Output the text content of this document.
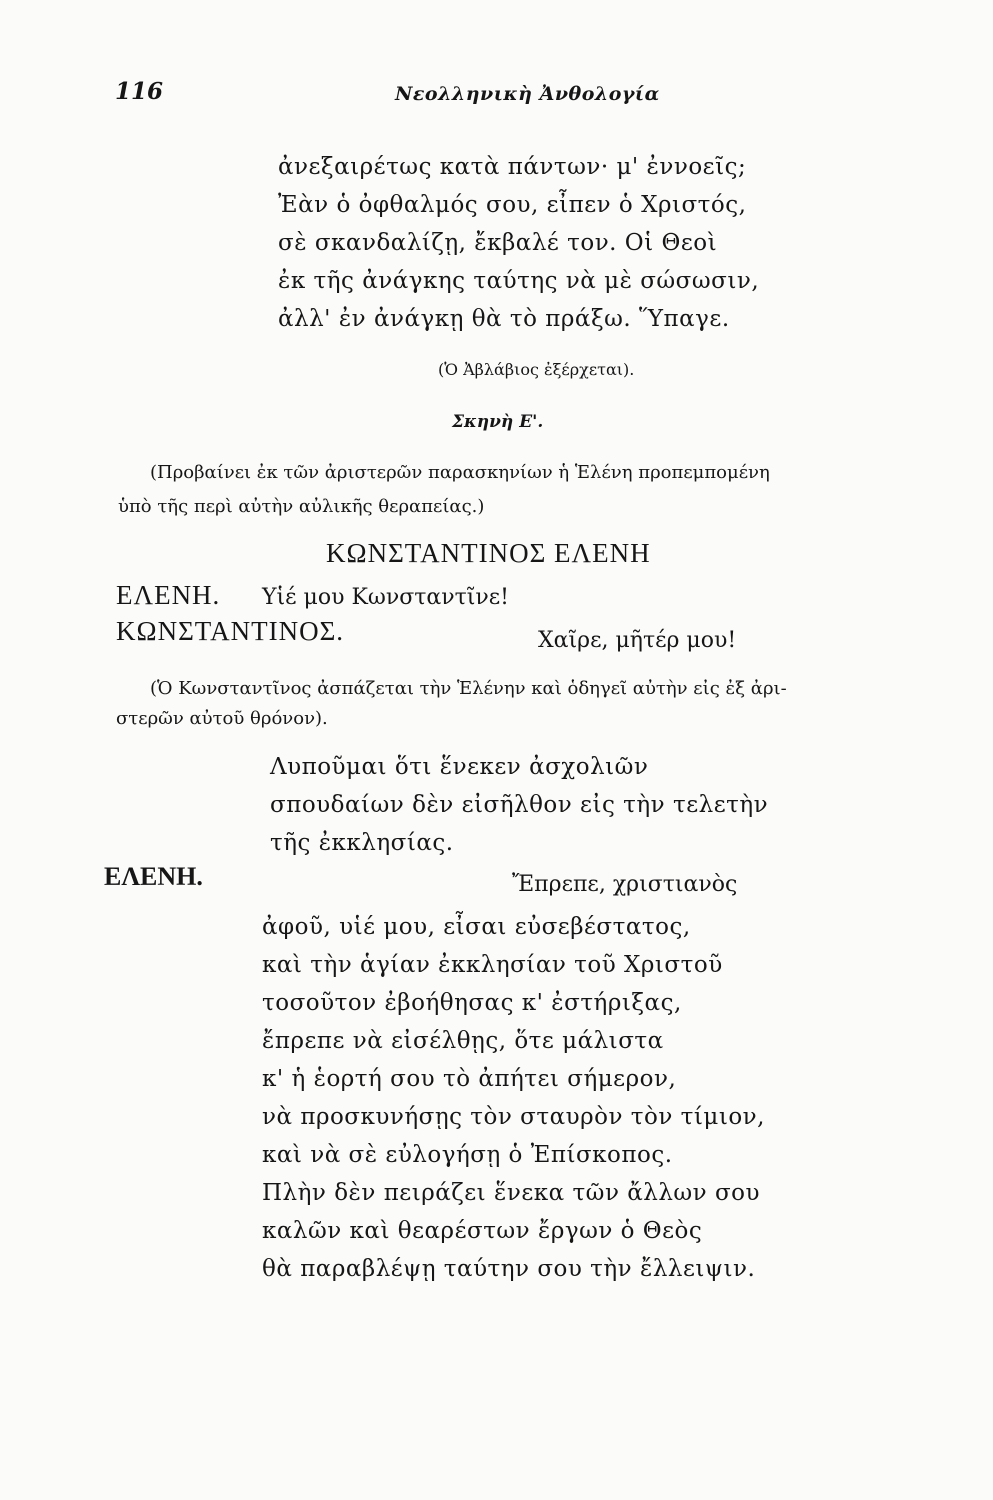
116	Νεολληνικὴ Ἀνθολογία
ἀνεξαιρέτως κατὰ πάντων· μ' ἐννοεῖς;
Ἐὰν ὁ ὀφθαλμός σου, εἶπεν ὁ Χριστός,
σὲ σκανδαλίζῃ, ἔκβαλέ τον. Οἱ Θεοὶ
ἐκ τῆς ἀνάγκης ταύτης νὰ μὲ σώσωσιν,
ἀλλ' ἐν ἀνάγκῃ θὰ τὸ πράξω. Ὕπαγε.
(Ὁ Ἀβλάβιος ἐξέρχεται).
Σκηνὴ Ε'.
(Προβαίνει ἐκ τῶν ἀριστερῶν παρασκηνίων ἡ Ἑλένη προπεμπομένη
ὑπὸ τῆς περὶ αὐτὴν αὐλικῆς θεραπείας.)
ΚΩΝΣΤΑΝΤΙΝΟΣ ΕΛΕΝΗ
ΕΛΕΝΗ. Υἱέ μου Κωνσταντῖνε!
ΚΩΝΣΤΑΝΤΙΝΟΣ.	Χαῖρε, μῆτέρ μου!
(Ὁ Κωνσταντῖνος ἀσπάζεται τὴν Ἑλένην καὶ ὁδηγεῖ αὐτὴν εἰς ἐξ ἀρι-
στερῶν αὐτοῦ θρόνον).
Λυποῦμαι ὅτι ἕνεκεν ἀσχολιῶν
σπουδαίων δὲν εἰσῆλθον εἰς τὴν τελετὴν
τῆς ἐκκλησίας.
ΕΛΕΝΗ.	Ἔπρεπε, χριστιανὸς
ἀφοῦ, υἱέ μου, εἶσαι εὐσεβέστατος,
καὶ τὴν ἁγίαν ἐκκλησίαν τοῦ Χριστοῦ
τοσοῦτον ἐβοήθησας κ' ἐστήριξας,
ἔπρεπε νὰ εἰσέλθῃς, ὅτε μάλιστα
κ' ἡ ἑορτή σου τὸ ἀπήτει σήμερον,
νὰ προσκυνήσῃς τὸν σταυρὸν τὸν τίμιον,
καὶ νὰ σὲ εὐλογήσῃ ὁ Ἐπίσκοπος.
Πλὴν δὲν πειράζει ἕνεκα τῶν ἄλλων σου
καλῶν καὶ θεαρέστων ἔργων ὁ Θεὸς
θὰ παραβλέψῃ ταύτην σου τὴν ἔλλειψιν.
